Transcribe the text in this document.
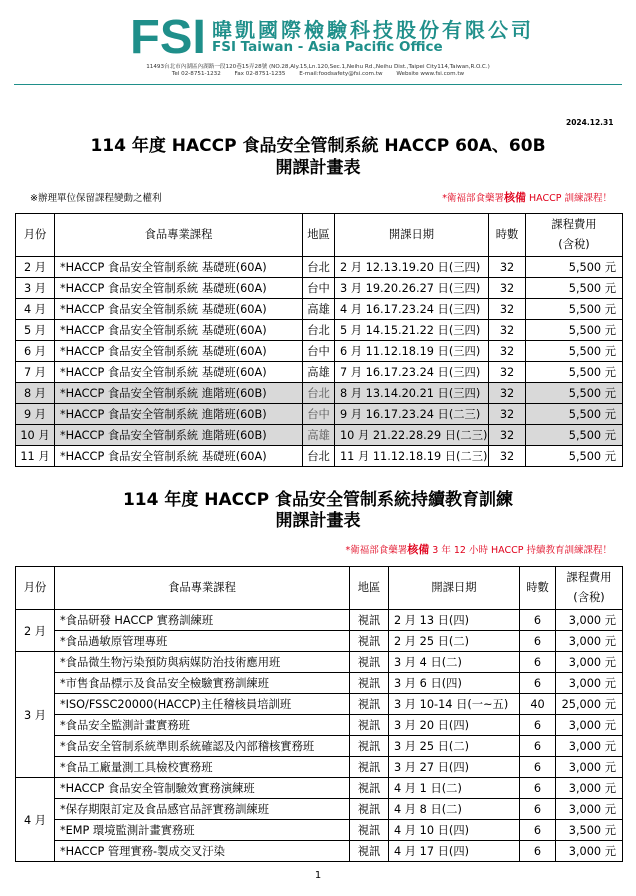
FSI 暐凱國際檢驗科技股份有限公司
FSI Taiwan - Asia Pacific Office
11493台北市內湖區內湖路一段120巷15弄28號 (NO.28,Aly.15,Ln.120,Sec.1,Neihu Rd.,Neihu Dist.,Taipei City114,Taiwan,R.O.C.)
Tel 02-8751-1232 Fax 02-8751-1235 E-mail:foodsafety@fsi.com.tw Website www.fsi.com.tw
2024.12.31
114 年度 HACCP 食品安全管制系統 HACCP 60A、60B
開課計畫表
※辦理單位保留課程變動之權利	*衛福部食藥署核備 HACCP 訓練課程！
月份	食品專業課程	地區	開課日期	時數	課程費用
(含稅)

2 月	*HACCP 食品安全管制系統 基礎班(60A)	台北	2 月 12.13.19.20 日(三四)	32	5,500 元
3 月	*HACCP 食品安全管制系統 基礎班(60A)	台中	3 月 19.20.26.27 日(三四)	32	5,500 元
4 月	*HACCP 食品安全管制系統 基礎班(60A)	高雄	4 月 16.17.23.24 日(三四)	32	5,500 元
5 月	*HACCP 食品安全管制系統 基礎班(60A)	台北	5 月 14.15.21.22 日(三四)	32	5,500 元
6 月	*HACCP 食品安全管制系統 基礎班(60A)	台中	6 月 11.12.18.19 日(三四)	32	5,500 元
7 月	*HACCP 食品安全管制系統 基礎班(60A)	高雄	7 月 16.17.23.24 日(三四)	32	5,500 元
8 月	*HACCP 食品安全管制系統 進階班(60B)	台北	8 月 13.14.20.21 日(三四)	32	5,500 元
9 月	*HACCP 食品安全管制系統 進階班(60B)	台中	9 月 16.17.23.24 日(二三)	32	5,500 元
10 月	*HACCP 食品安全管制系統 進階班(60B)	高雄	10 月 21.22.28.29 日(二三)	32	5,500 元
11 月	*HACCP 食品安全管制系統 基礎班(60A)	台北	11 月 11.12.18.19 日(二三)	32	5,500 元
114 年度 HACCP 食品安全管制系統持續教育訓練
開課計畫表
*衛福部食藥署核備 3 年 12 小時 HACCP 持續教育訓練課程！
月份	食品專業課程	地區	開課日期	時數	課程費用
(含稅)

2 月	*食品研發 HACCP 實務訓練班	視訊	2 月 13 日(四)	6	3,000 元
	*食品過敏原管理專班	視訊	2 月 25 日(二)	6	3,000 元
3 月	*食品微生物污染預防與病媒防治技術應用班	視訊	3 月 4 日(二)	6	3,000 元
	*市售食品標示及食品安全檢驗實務訓練班	視訊	3 月 6 日(四)	6	3,000 元
	*ISO/FSSC20000(HACCP)主任稽核員培訓班	視訊	3 月 10-14 日(一~五)	40	25,000 元
	*食品安全監測計畫實務班	視訊	3 月 20 日(四)	6	3,000 元
	*食品安全管制系統準則系統確認及內部稽核實務班	視訊	3 月 25 日(二)	6	3,000 元
	*食品工廠量測工具檢校實務班	視訊	3 月 27 日(四)	6	3,000 元
4 月	*HACCP 食品安全管制驗效實務演練班	視訊	4 月 1 日(二)	6	3,000 元
	*保存期限訂定及食品感官品評實務訓練班	視訊	4 月 8 日(二)	6	3,000 元
	*EMP 環境監測計畫實務班	視訊	4 月 10 日(四)	6	3,500 元
	*HACCP 管理實務-製成交叉汙染	視訊	4 月 17 日(四)	6	3,000 元
1
